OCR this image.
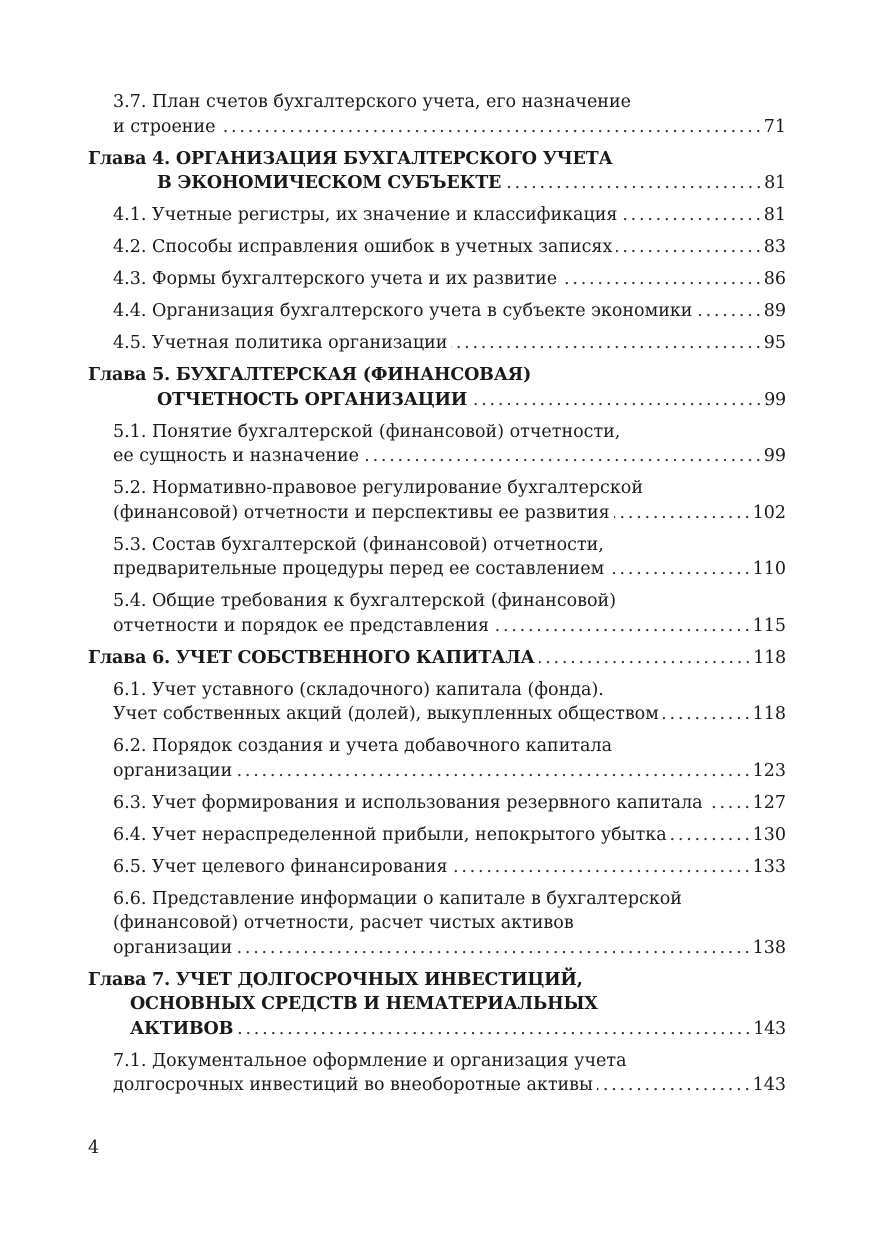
3.7. План счетов бухгалтерского учета, его назначение
и строение . . .	71
Глава 4. ОРГАНИЗАЦИЯ БУХГАЛТЕРСКОГО УЧЕТА
В ЭКОНОМИЧЕСКОМ СУБЪЕКТЕ . . .	81
4.1. Учетные регистры, их значение и классификация . . .	81
4.2. Способы исправления ошибок в учетных записях . . .	83
4.3. Формы бухгалтерского учета и их развитие . . .	86
4.4. Организация бухгалтерского учета в субъекте экономики . . .	89
4.5. Учетная политика организации . . .	95
Глава 5. БУХГАЛТЕРСКАЯ (ФИНАНСОВАЯ)
ОТЧЕТНОСТЬ ОРГАНИЗАЦИИ . . .	99
5.1. Понятие бухгалтерской (финансовой) отчетности,
ее сущность и назначение . . .	99
5.2. Нормативно-правовое регулирование бухгалтерской
(финансовой) отчетности и перспективы ее развития . . .	102
5.3. Состав бухгалтерской (финансовой) отчетности,
предварительные процедуры перед ее составлением . . .	110
5.4. Общие требования к бухгалтерской (финансовой)
отчетности и порядок ее представления . . .	115
Глава 6. УЧЕТ СОБСТВЕННОГО КАПИТАЛА . . .	118
6.1. Учет уставного (складочного) капитала (фонда).
Учет собственных акций (долей), выкупленных обществом . . .	118
6.2. Порядок создания и учета добавочного капитала
организации . . .	123
6.3. Учет формирования и использования резервного капитала . . .	127
6.4. Учет нераспределенной прибыли, непокрытого убытка . . .	130
6.5. Учет целевого финансирования . . .	133
6.6. Представление информации о капитале в бухгалтерской
(финансовой) отчетности, расчет чистых активов
организации . . .	138
Глава 7. УЧЕТ ДОЛГОСРОЧНЫХ ИНВЕСТИЦИЙ,
ОСНОВНЫХ СРЕДСТВ И НЕМАТЕРИАЛЬНЫХ
АКТИВОВ . . .	143
7.1. Документальное оформление и организация учета
долгосрочных инвестиций во внеоборотные активы . . .	143
4
